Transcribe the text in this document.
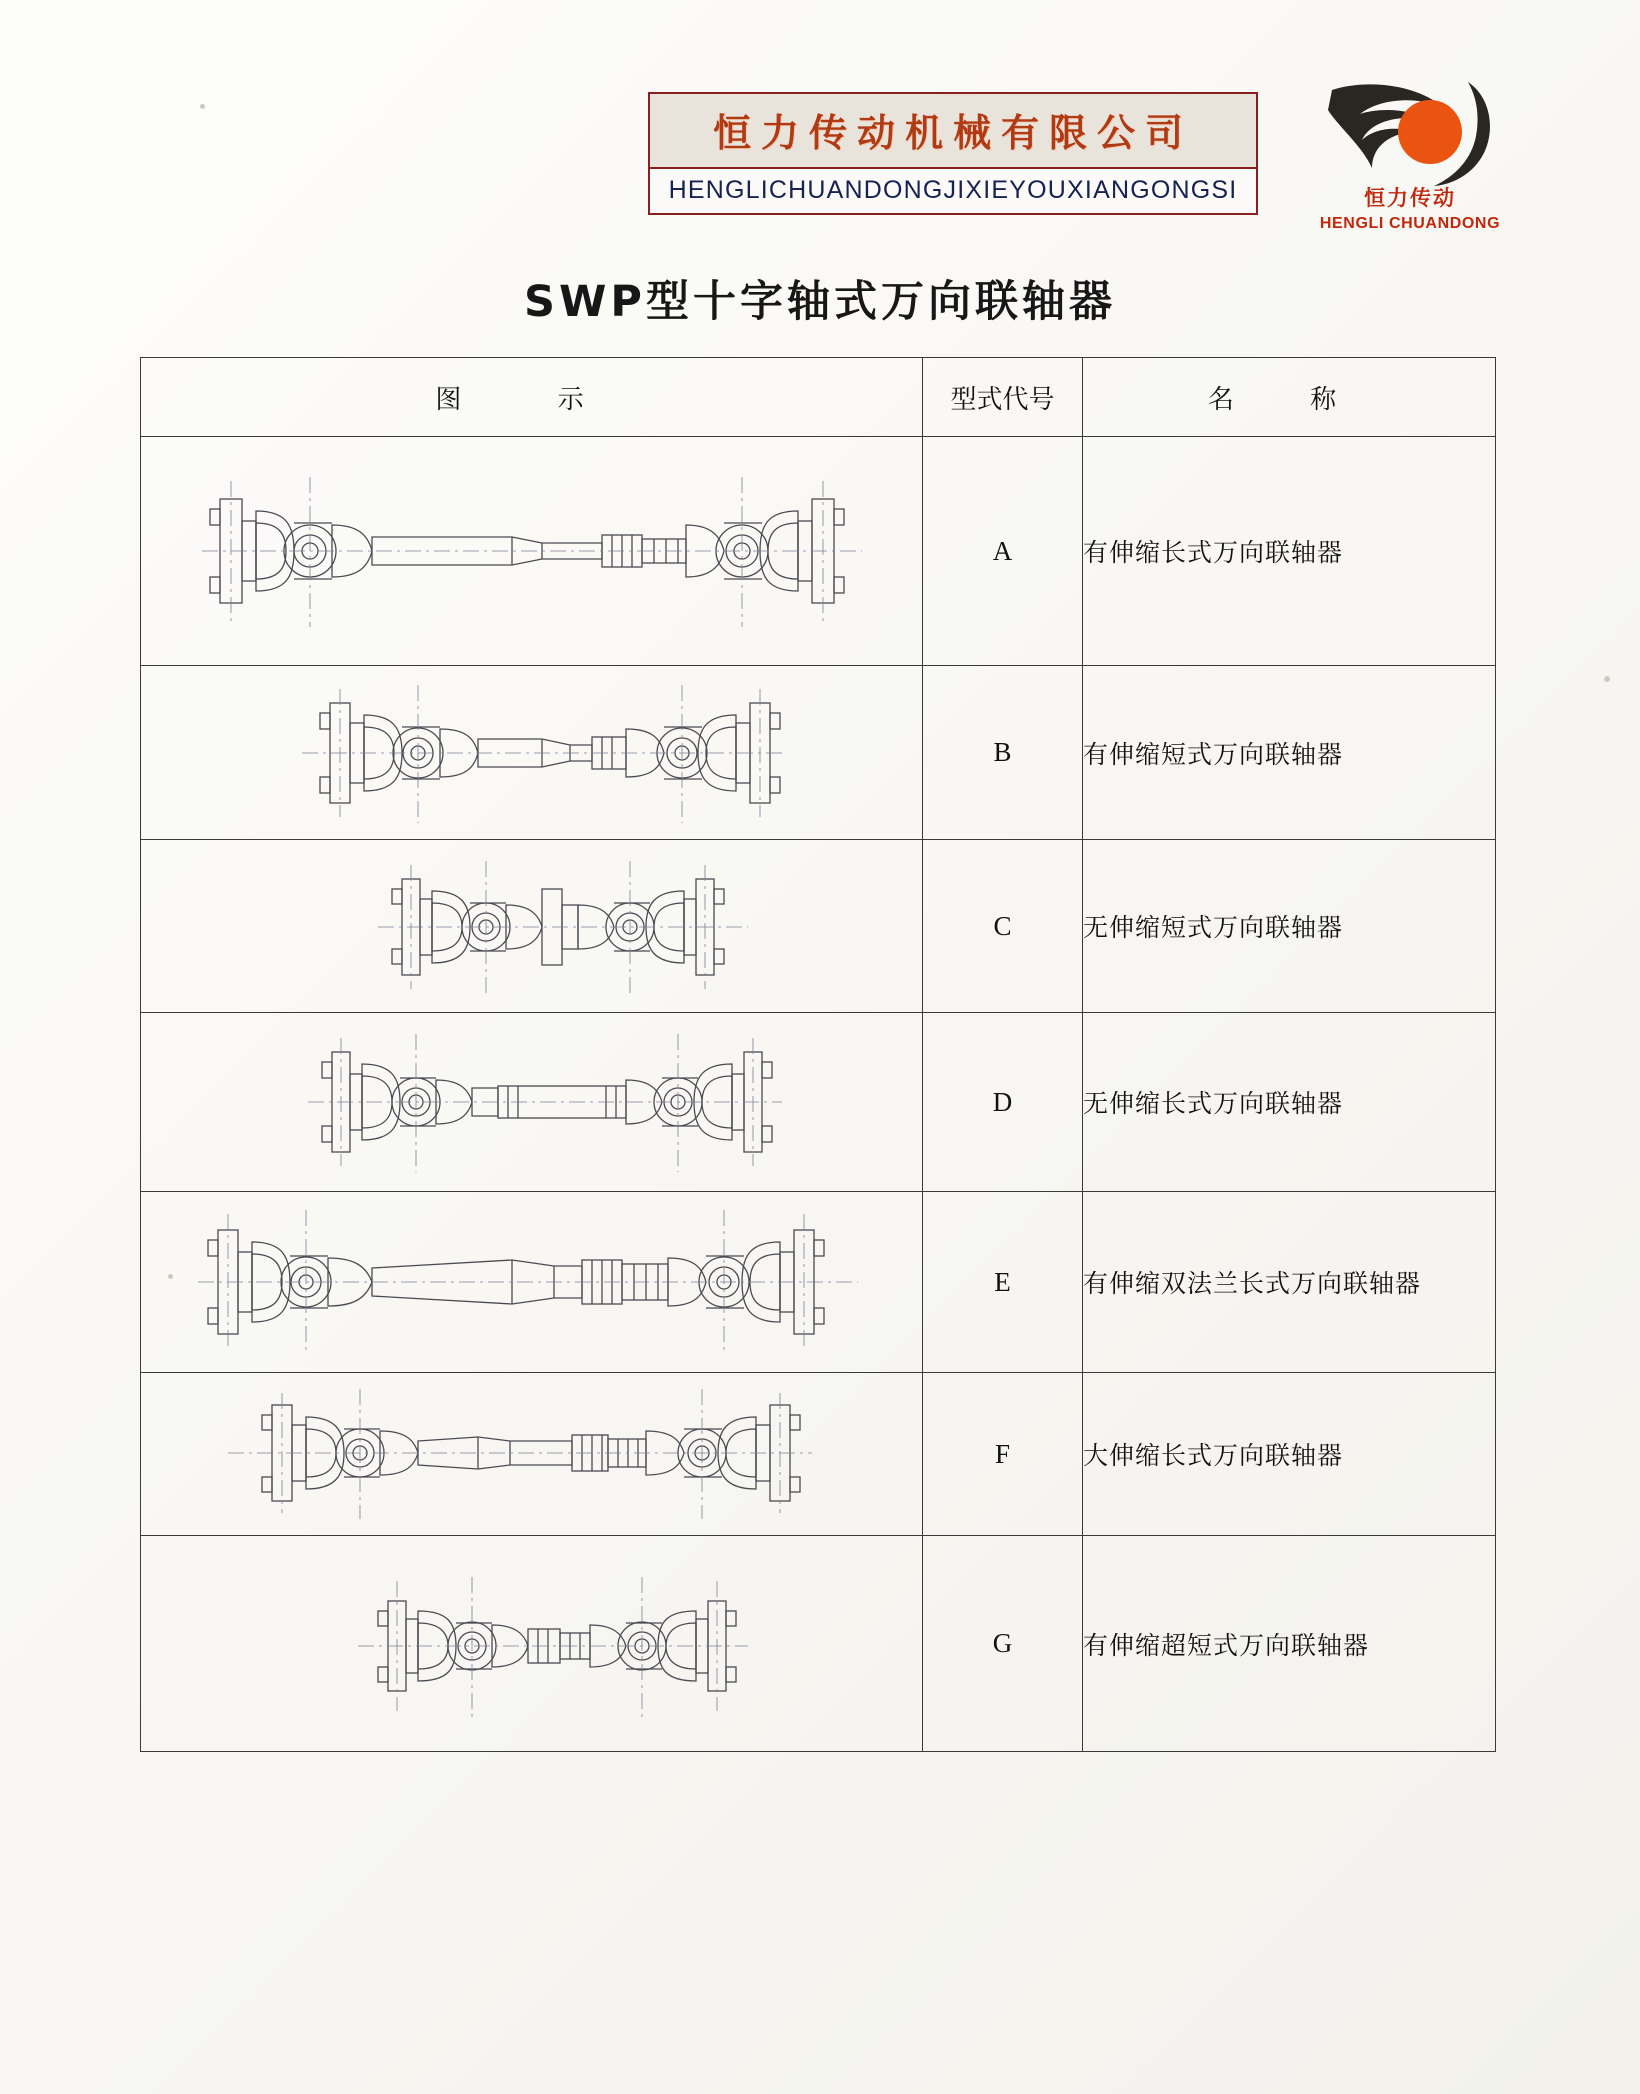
恒力传动机械有限公司
HENGLICHUANDONGJIXIEYOUXIANGONGSI	恒力传动
HENGLI CHUANDONG
SWP型十字轴式万向联轴器
图 示	型式代号	名 称

	A	有伸缩长式万向联轴器

	B	有伸缩短式万向联轴器

	C	无伸缩短式万向联轴器

	D	无伸缩长式万向联轴器

	E	有伸缩双法兰长式万向联轴器

	F	大伸缩长式万向联轴器

	G	有伸缩超短式万向联轴器
